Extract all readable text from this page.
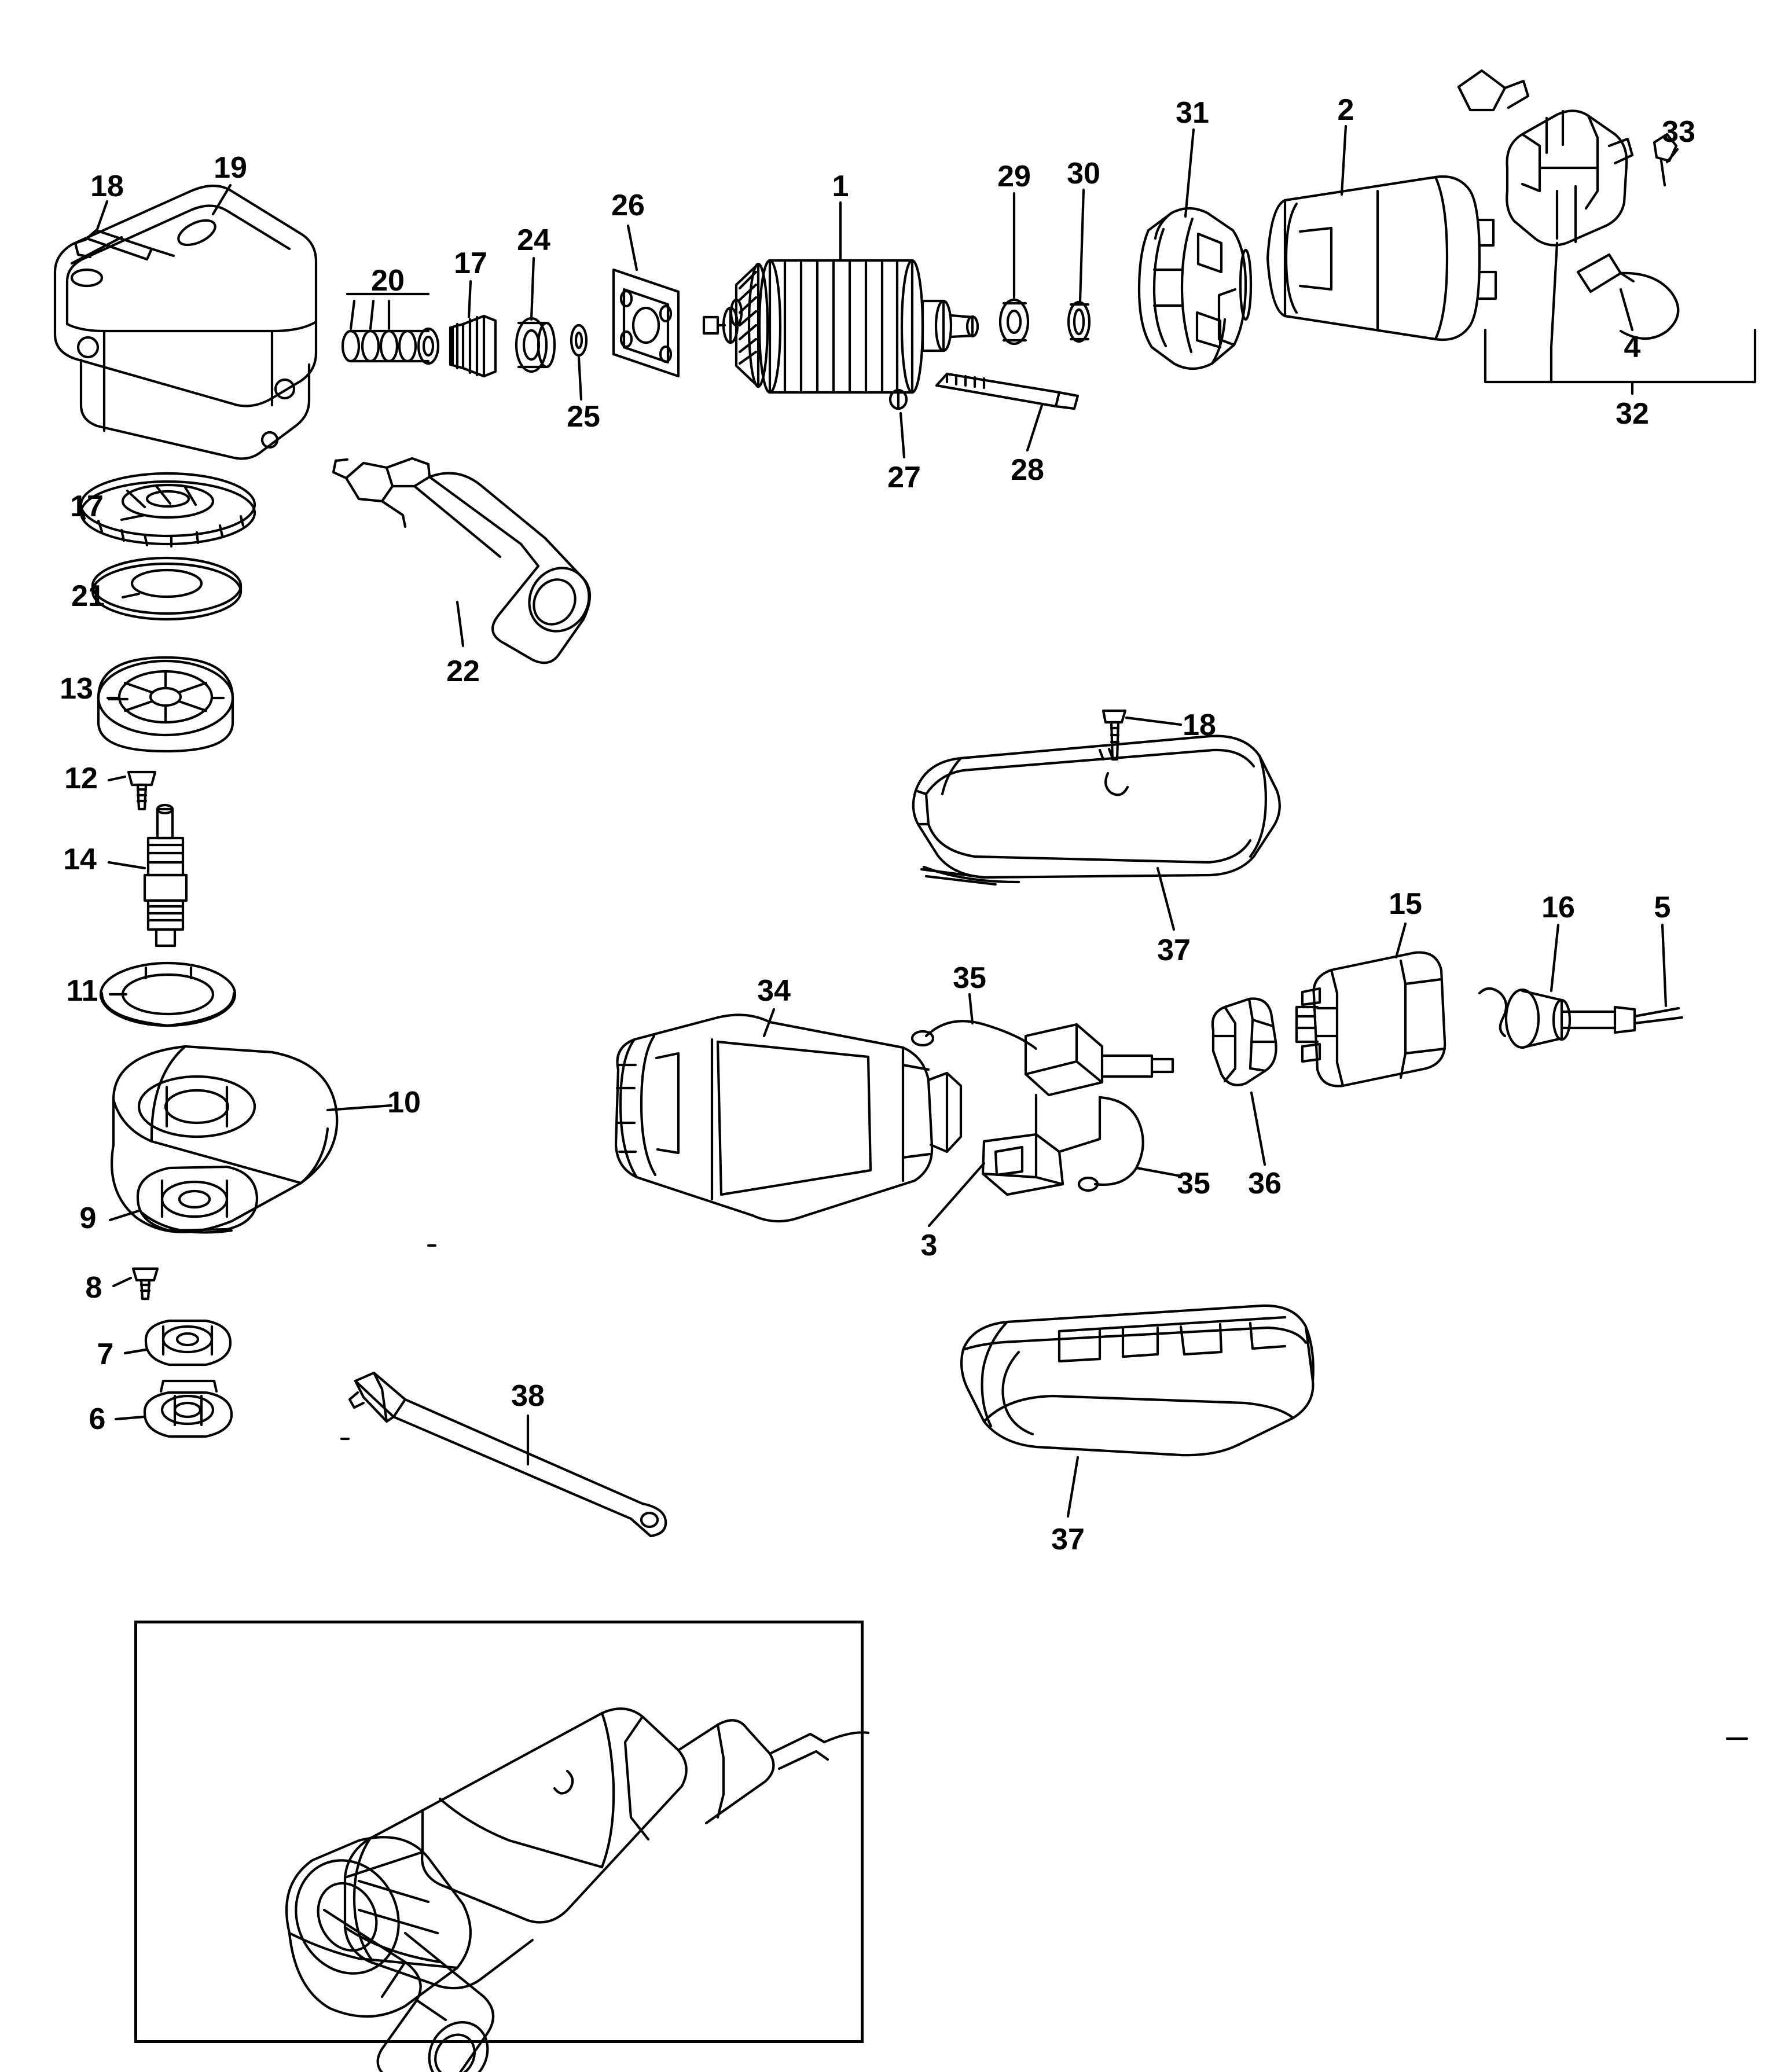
18
19
20
17
24
26
25
1	29 30
31	2
33
4
32
27	28
17
21
22
13
12
14
11
10
9
8
7
6
38
18
37
34	35
35
3
36
15	16	5
37
